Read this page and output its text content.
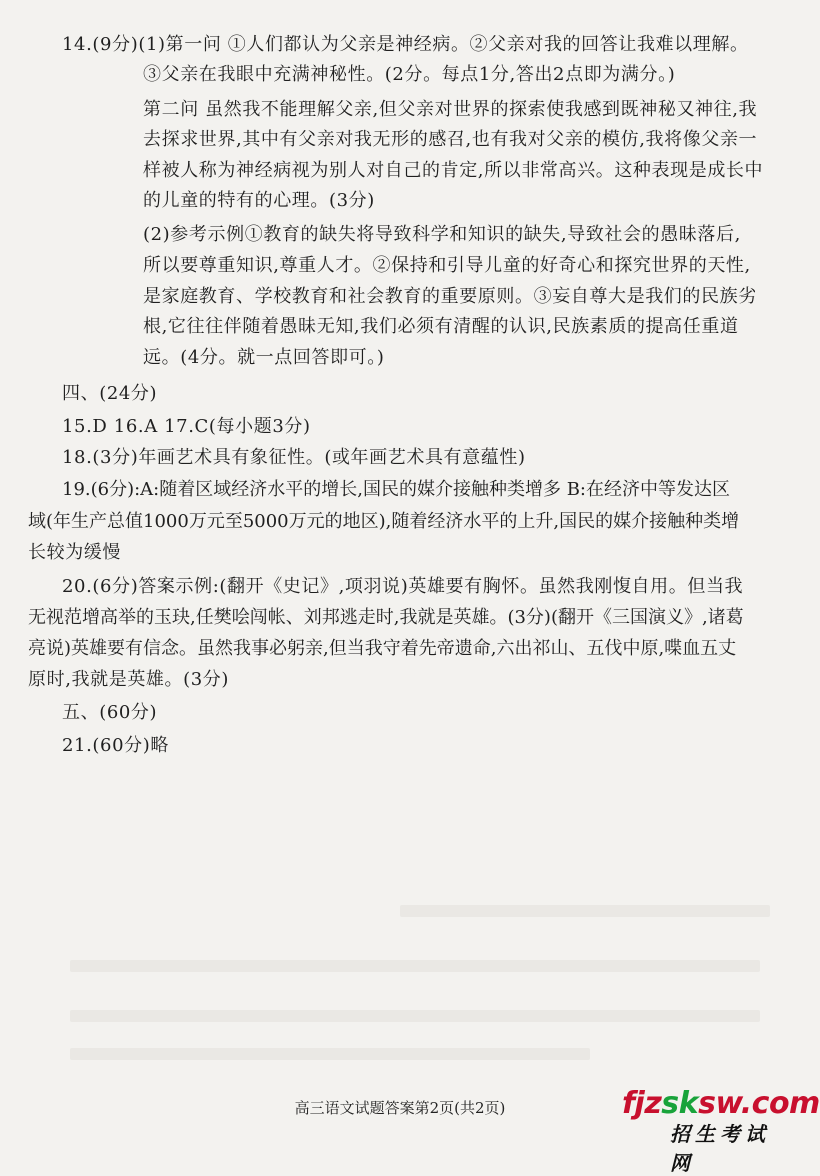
14.(9分)(1)第一问 ①人们都认为父亲是神经病。②父亲对我的回答让我难以理解。
③父亲在我眼中充满神秘性。(2分。每点1分,答出2点即为满分。)
第二问 虽然我不能理解父亲,但父亲对世界的探索使我感到既神秘又神往,我
去探求世界,其中有父亲对我无形的感召,也有我对父亲的模仿,我将像父亲一
样被人称为神经病视为别人对自己的肯定,所以非常高兴。这种表现是成长中
的儿童的特有的心理。(3分)
(2)参考示例①教育的缺失将导致科学和知识的缺失,导致社会的愚昧落后,
所以要尊重知识,尊重人才。②保持和引导儿童的好奇心和探究世界的天性,
是家庭教育、学校教育和社会教育的重要原则。③妄自尊大是我们的民族劣
根,它往往伴随着愚昧无知,我们必须有清醒的认识,民族素质的提高任重道
远。(4分。就一点回答即可。)
四、(24分)
15.D 16.A 17.C(每小题3分)
18.(3分)年画艺术具有象征性。(或年画艺术具有意蕴性)
19.(6分):A:随着区域经济水平的增长,国民的媒介接触种类增多 B:在经济中等发达区
域(年生产总值1000万元至5000万元的地区),随着经济水平的上升,国民的媒介接触种类增
长较为缓慢
20.(6分)答案示例:(翻开《史记》,项羽说)英雄要有胸怀。虽然我刚愎自用。但当我
无视范增高举的玉玦,任樊哙闯帐、刘邦逃走时,我就是英雄。(3分)(翻开《三国演义》,诸葛
亮说)英雄要有信念。虽然我事必躬亲,但当我守着先帝遗命,六出祁山、五伐中原,喋血五丈
原时,我就是英雄。(3分)
五、(60分)
21.(60分)略
高三语文试题答案第2页(共2页)	fjzsksw.com
招生考试网
